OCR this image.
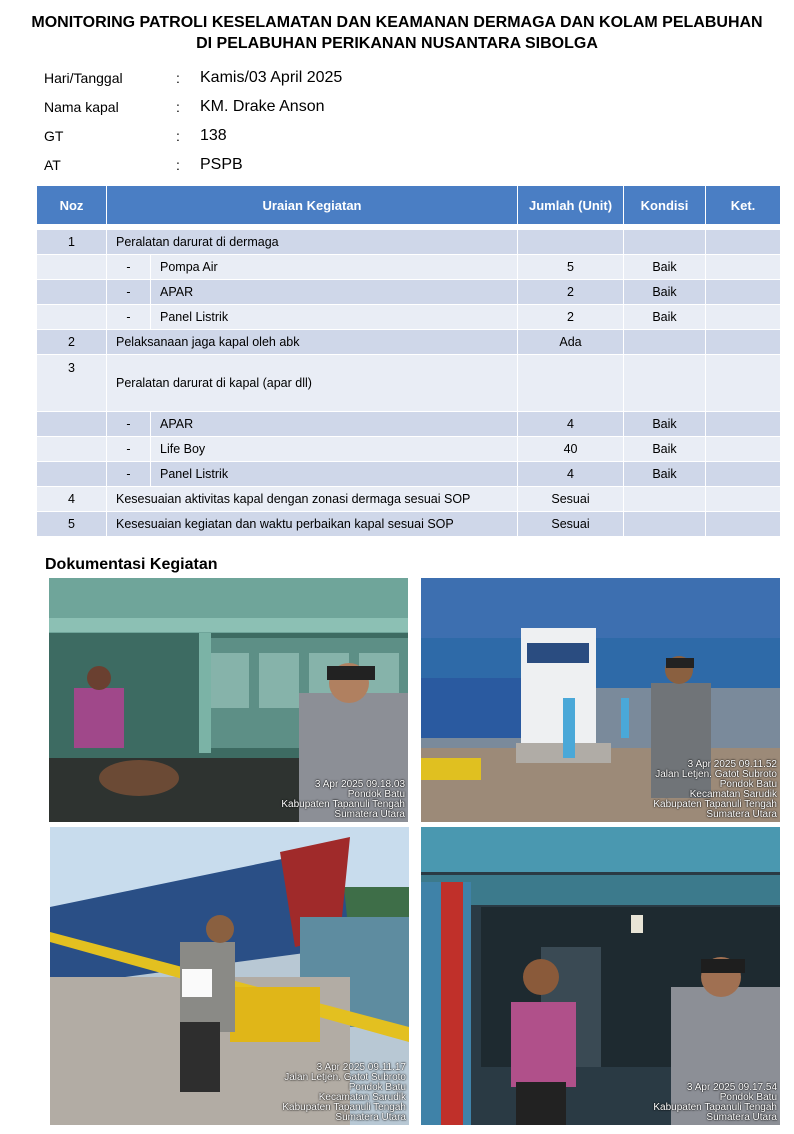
MONITORING PATROLI KESELAMATAN DAN KEAMANAN DERMAGA DAN KOLAM PELABUHAN
DI PELABUHAN PERIKANAN NUSANTARA SIBOLGA
Hari/Tanggal	: Kamis/03 April 2025
Nama kapal	: KM. Drake Anson
GT	: 138
AT	: PSPB
Noz	Uraian Kegiatan		Jumlah (Unit)	Kondisi	Ket.

1	Peralatan darurat di dermaga				
	-	Pompa Air	5	Baik	
	-	APAR	2	Baik	
	-	Panel Listrik	2	Baik	
2	Pelaksanaan jaga kapal oleh abk		Ada		
3	Peralatan darurat di kapal (apar dll)				
	-	APAR	4	Baik	
	-	Life Boy	40	Baik	
	-	Panel Listrik	4	Baik	
4	Kesesuaian aktivitas kapal dengan zonasi dermaga sesuai SOP		Sesuai		
5	Kesesuaian kegiatan dan waktu perbaikan kapal sesuai SOP		Sesuai		
Dokumentasi Kegiatan
3 Apr 2025 09.18.03
Pondok Batu
Kabupaten Tapanuli Tengah
Sumatera Utara
3 Apr 2025 09.11.52
Jalan Letjen. Gatot Subroto
Pondok Batu
Kecamatan Sarudik
Kabupaten Tapanuli Tengah
Sumatera Utara
3 Apr 2025 09.11.17
Jalan Letjen. Gatot Subroto
Pondok Batu
Kecamatan Sarudik
Kabupaten Tapanuli Tengah
Sumatera Utara
3 Apr 2025 09.17.54
Pondok Batu
Kabupaten Tapanuli Tengah
Sumatera Utara
